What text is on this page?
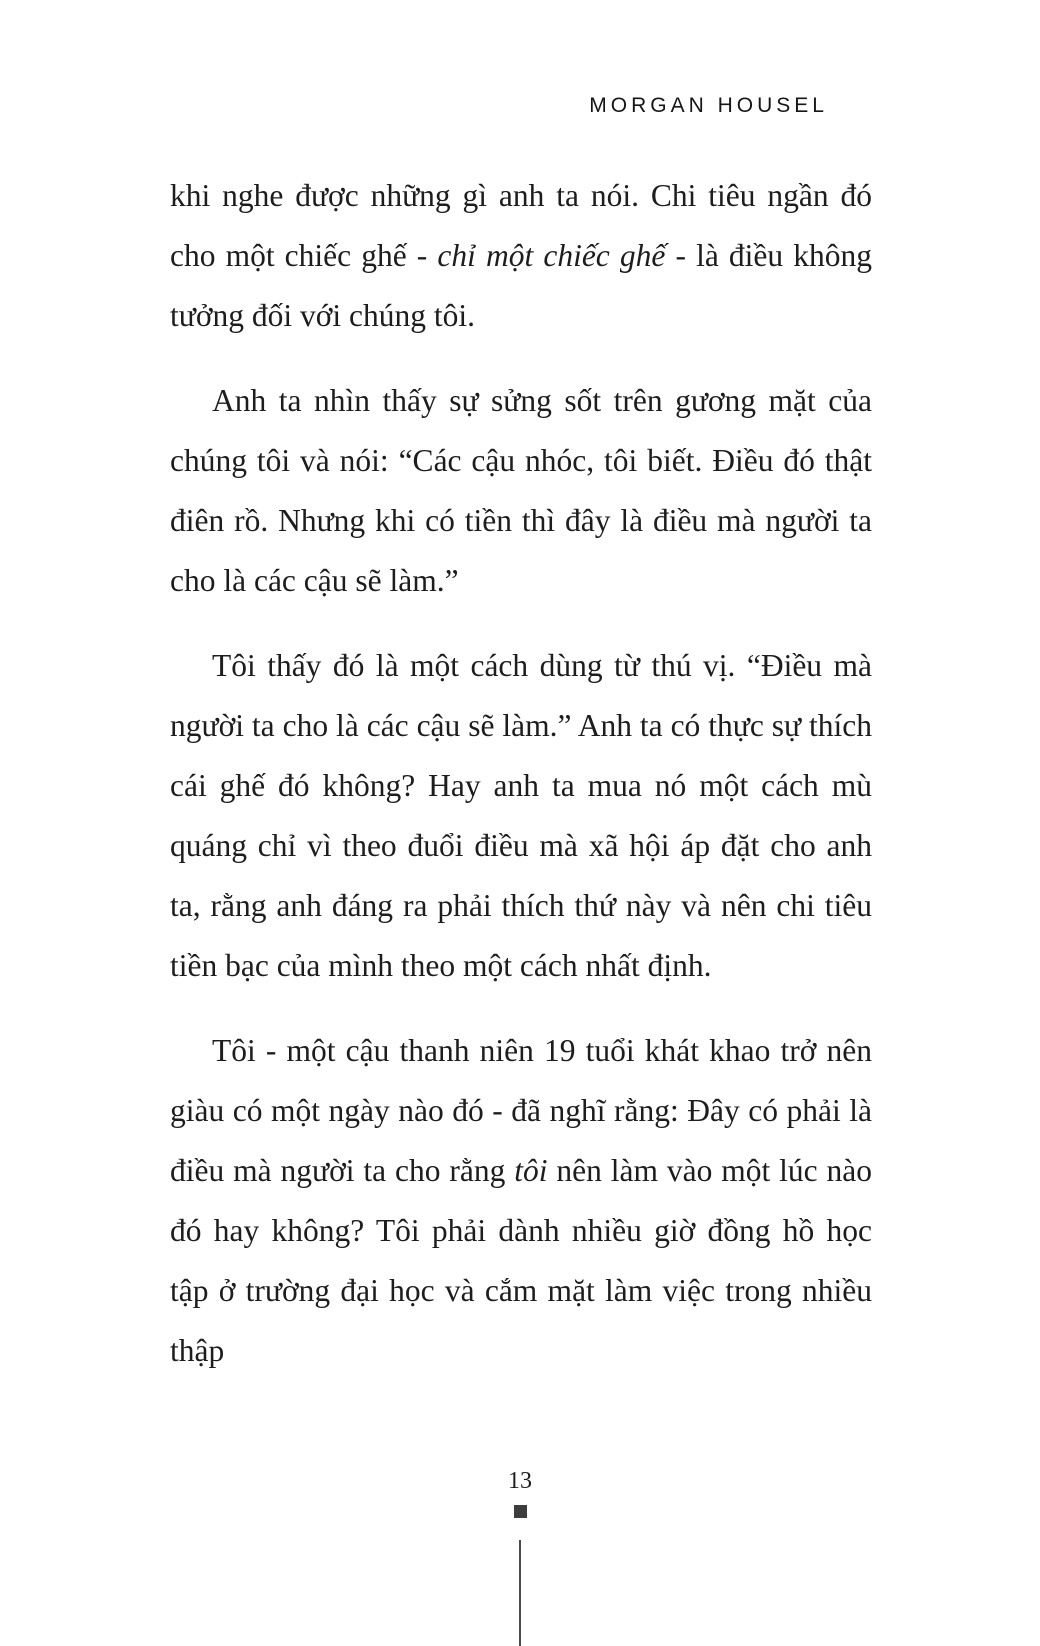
MORGAN HOUSEL

khi nghe được những gì anh ta nói. Chi tiêu ngần đó cho một chiếc ghế - chỉ một chiếc ghế - là điều không tưởng đối với chúng tôi.

Anh ta nhìn thấy sự sửng sốt trên gương mặt của chúng tôi và nói: “Các cậu nhóc, tôi biết. Điều đó thật điên rồ. Nhưng khi có tiền thì đây là điều mà người ta cho là các cậu sẽ làm.”

Tôi thấy đó là một cách dùng từ thú vị. “Điều mà người ta cho là các cậu sẽ làm.” Anh ta có thực sự thích cái ghế đó không? Hay anh ta mua nó một cách mù quáng chỉ vì theo đuổi điều mà xã hội áp đặt cho anh ta, rằng anh đáng ra phải thích thứ này và nên chi tiêu tiền bạc của mình theo một cách nhất định.

Tôi - một cậu thanh niên 19 tuổi khát khao trở nên giàu có một ngày nào đó - đã nghĩ rằng: Đây có phải là điều mà người ta cho rằng tôi nên làm vào một lúc nào đó hay không? Tôi phải dành nhiều giờ đồng hồ học tập ở trường đại học và cắm mặt làm việc trong nhiều thập

13
